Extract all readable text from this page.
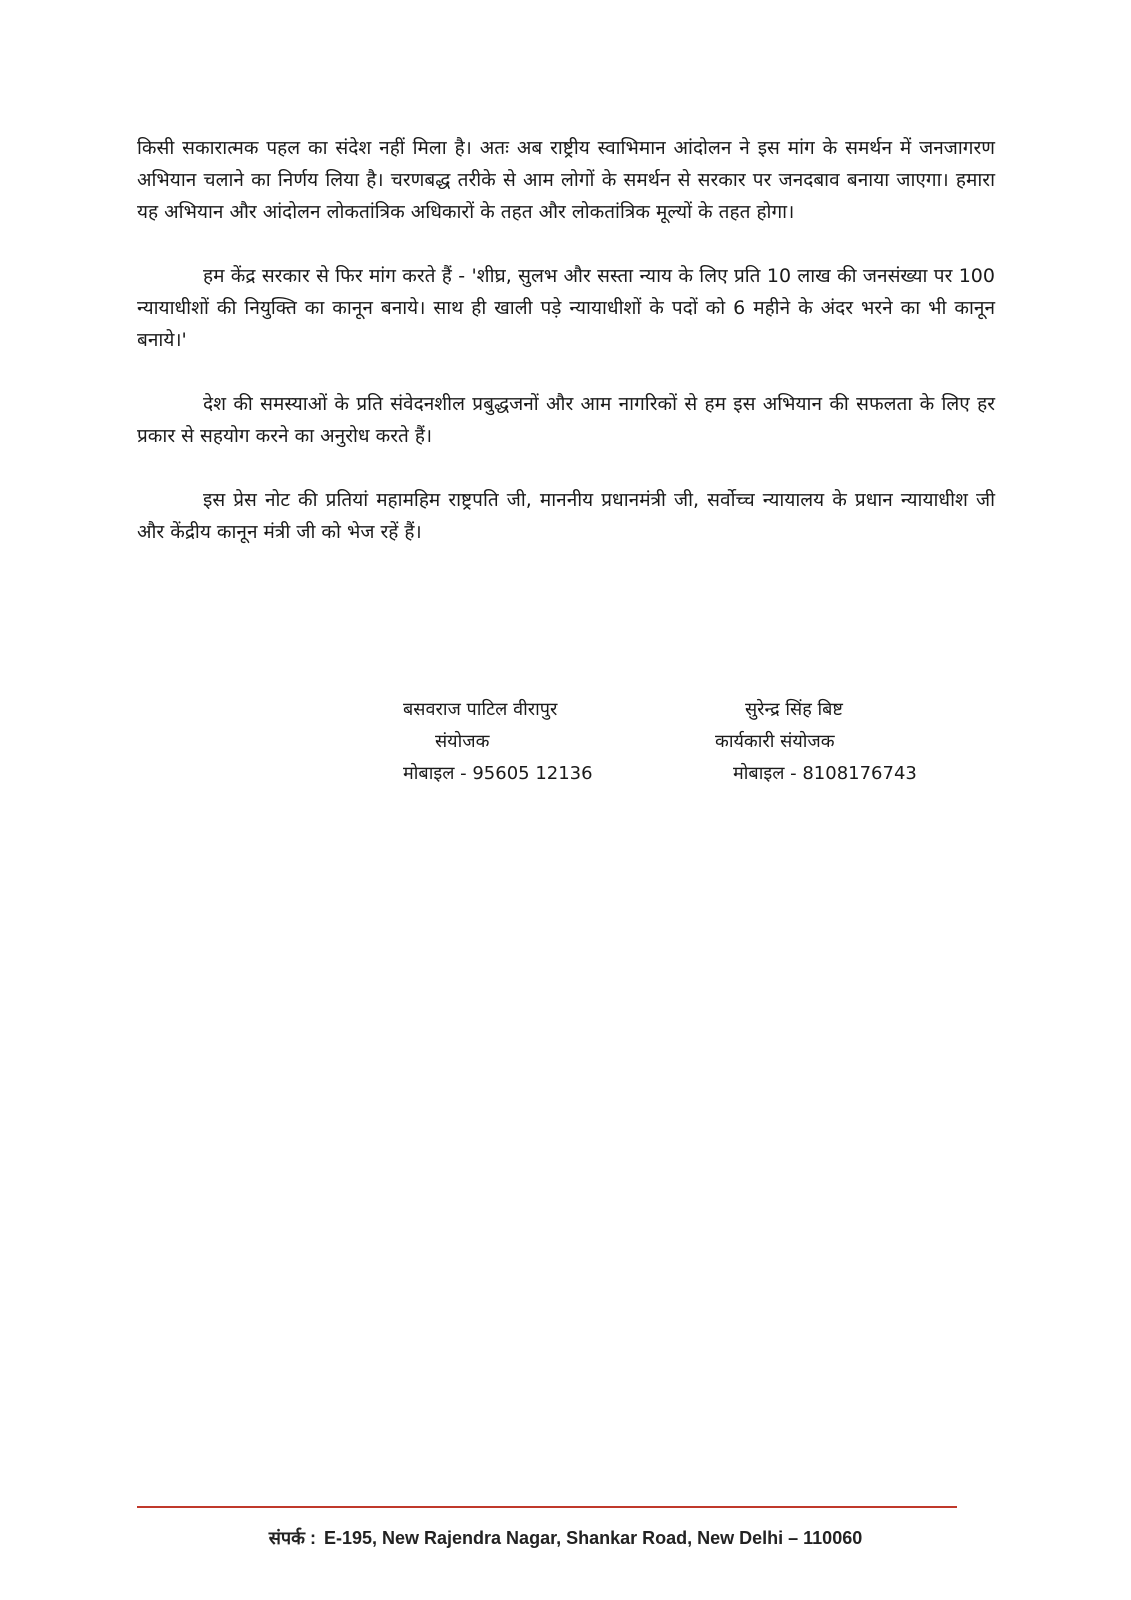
किसी सकारात्मक पहल का संदेश नहीं मिला है। अतः अब राष्ट्रीय स्वाभिमान आंदोलन ने इस मांग के समर्थन में जनजागरण अभियान चलाने का निर्णय लिया है। चरणबद्ध तरीके से आम लोगों के समर्थन से सरकार पर जनदबाव बनाया जाएगा। हमारा यह अभियान और आंदोलन लोकतांत्रिक अधिकारों के तहत और लोकतांत्रिक मूल्यों के तहत होगा।

हम केंद्र सरकार से फिर मांग करते हैं - 'शीघ्र, सुलभ और सस्ता न्याय के लिए प्रति 10 लाख की जनसंख्या पर 100 न्यायाधीशों की नियुक्ति का कानून बनाये। साथ ही खाली पड़े न्यायाधीशों के पदों को 6 महीने के अंदर भरने का भी कानून बनाये।'

देश की समस्याओं के प्रति संवेदनशील प्रबुद्धजनों और आम नागरिकों से हम इस अभियान की सफलता के लिए हर प्रकार से सहयोग करने का अनुरोध करते हैं।

इस प्रेस नोट की प्रतियां महामहिम राष्ट्रपति जी, माननीय प्रधानमंत्री जी, सर्वोच्च न्यायालय के प्रधान न्यायाधीश जी और केंद्रीय कानून मंत्री जी को भेज रहें हैं।

बसवराज पाटिल वीरापुर
संयोजक
मोबाइल - 95605 12136
सुरेन्द्र सिंह बिष्ट
कार्यकारी संयोजक
मोबाइल - 8108176743
संपर्क : E-195, New Rajendra Nagar, Shankar Road, New Delhi – 110060
